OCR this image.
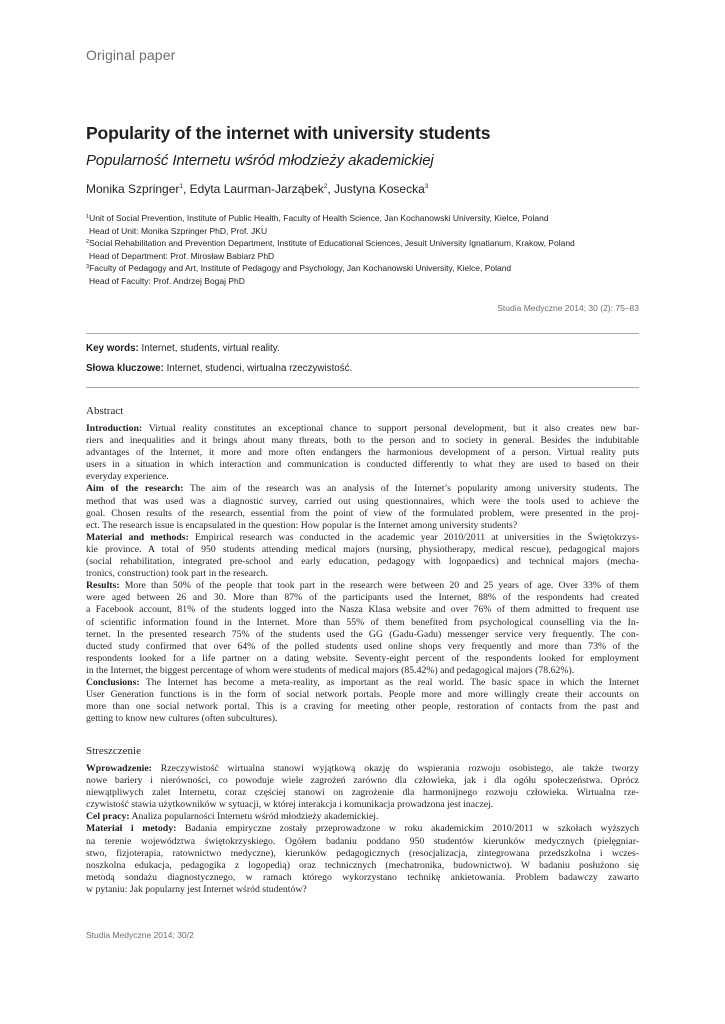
Original paper
Popularity of the internet with university students
Popularność Internetu wśród młodzieży akademickiej
Monika Szpringer$^1$, Edyta Laurman-Jarząbek$^2$, Justyna Kosecka$^3$
$^1$Unit of Social Prevention, Institute of Public Health, Faculty of Health Science, Jan Kochanowski University, Kielce, Poland
Head of Unit: Monika Szpringer PhD, Prof. JKU
$^2$Social Rehabilitation and Prevention Department, Institute of Educational Sciences, Jesuit University Ignatianum, Krakow, Poland
Head of Department: Prof. Mirosław Babiarz PhD
$^3$Faculty of Pedagogy and Art, Institute of Pedagogy and Psychology, Jan Kochanowski University, Kielce, Poland
Head of Faculty: Prof. Andrzej Bogaj PhD
Studia Medyczne 2014; 30 (2): 75–83
Key words: Internet, students, virtual reality.
Słowa kluczowe: Internet, studenci, wirtualna rzeczywistość.
Abstract
Introduction: Virtual reality constitutes an exceptional chance to support personal development, but it also creates new bar-
riers and inequalities and it brings about many threats, both to the person and to society in general. Besides the indubitable
advantages of the Internet, it more and more often endangers the harmonious development of a person. Virtual reality puts
users in a situation in which interaction and communication is conducted differently to what they are used to based on their
everyday experience.
Aim of the research: The aim of the research was an analysis of the Internet’s popularity among university students. The
method that was used was a diagnostic survey, carried out using questionnaires, which were the tools used to achieve the
goal. Chosen results of the research, essential from the point of view of the formulated problem, were presented in the proj-
ect. The research issue is encapsulated in the question: How popular is the Internet among university students?
Material and methods: Empirical research was conducted in the academic year 2010/2011 at universities in the Świętokrzys-
kie province. A total of 950 students attending medical majors (nursing, physiotherapy, medical rescue), pedagogical majors
(social rehabilitation, integrated pre-school and early education, pedagogy with logopaedics) and technical majors (mecha-
tronics, construction) took part in the research.
Results: More than 50% of the people that took part in the research were between 20 and 25 years of age. Over 33% of them
were aged between 26 and 30. More than 87% of the participants used the Internet, 88% of the respondents had created
a Facebook account, 81% of the students logged into the Nasza Klasa website and over 76% of them admitted to frequent use
of scientific information found in the Internet. More than 55% of them benefited from psychological counselling via the In-
ternet. In the presented research 75% of the students used the GG (Gadu-Gadu) messenger service very frequently. The con-
ducted study confirmed that over 64% of the polled students used online shops very frequently and more than 73% of the
respondents looked for a life partner on a dating website. Seventy-eight percent of the respondents looked for employment
in the Internet, the biggest percentage of whom were students of medical majors (85.42%) and pedagogical majors (78.62%).
Conclusions: The Internet has become a meta-reality, as important as the real world. The basic space in which the Internet
User Generation functions is in the form of social network portals. People more and more willingly create their accounts on
more than one social network portal. This is a craving for meeting other people, restoration of contacts from the past and
getting to know new cultures (often subcultures).
Streszczenie
Wprowadzenie: Rzeczywistość wirtualna stanowi wyjątkową okazję do wspierania rozwoju osobistego, ale także tworzy
nowe bariery i nierówności, co powoduje wiele zagrożeń zarówno dla człowieka, jak i dla ogółu społeczeństwa. Oprócz
niewątpliwych zalet Internetu, coraz częściej stanowi on zagrożenie dla harmonijnego rozwoju człowieka. Wirtualna rze-
czywistość stawia użytkowników w sytuacji, w której interakcja i komunikacja prowadzona jest inaczej.
Cel pracy: Analiza popularności Internetu wśród młodzieży akademickiej.
Materiał i metody: Badania empiryczne zostały przeprowadzone w roku akademickim 2010/2011 w szkołach wyższych
na terenie województwa świętokrzyskiego. Ogółem badaniu poddano 950 studentów kierunków medycznych (pielęgniar-
stwo, fizjoterapia, ratownictwo medyczne), kierunków pedagogicznych (resocjalizacja, zintegrowana przedszkolna i wczes-
noszkolna edukacja, pedagogika z logopedią) oraz technicznych (mechatronika, budownictwo). W badaniu posłużono się
metodą sondażu diagnostycznego, w ramach którego wykorzystano technikę ankietowania. Problem badawczy zawarto
w pytaniu: Jak popularny jest Internet wśród studentów?
Studia Medyczne 2014; 30/2
